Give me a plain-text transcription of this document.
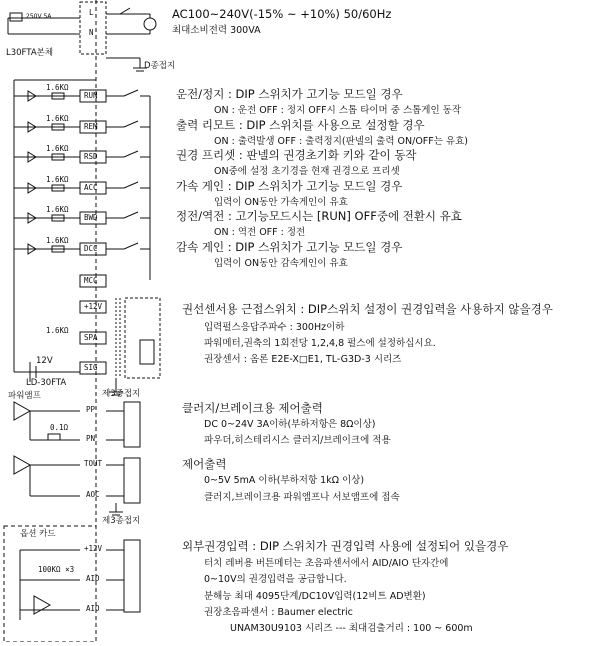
L
N
250V 5A	AC100~240V(-15% ~ +10%) 50/60Hz
최대소비전력 300VA
L30FTA본체
D종접지
RUN
1.6KΩ	운전/정지 : DIP 스위치가 고기능 모드일 경우
ON : 운전 OFF : 정지 OFF시 스톱 타이머 중 스톱게인 동작
REM
1.6KΩ	출력 리모트 : DIP 스위치를 사용으로 설정할 경우
ON : 출력발생 OFF : 출력정지(판넬의 출력 ON/OFF는 유효)
RSD
1.6KΩ	권경 프리셋 : 판넬의 권경초기화 키와 같이 동작
ON중에 설정 초기경을 현재 권경으로 프리셋
ACC
1.6KΩ	가속 게인 : DIP 스위치가 고기능 모드일 경우
입력이 ON동안 가속게인이 유효
BWD
1.6KΩ	정전/역전 : 고기능모드시는 [RUN] OFF중에 전환시 유효
ON : 역전 OFF : 정전
DCC
1.6KΩ	감속 게인 : DIP 스위치가 고기능 모드일 경우
입력이 ON동안 감속게인이 유효
MCC
+12V
SPA
SIG
1.6KΩ
권선센서용 근접스위치 : DIP스위치 설정이 권경입력을 사용하지 않을경우
입력펄스응답주파수 : 300Hz이하
파워메터,권축의 1회전당 1,2,4,8 펄스에 설정하십시요.
권장센서 : 옴론 E2E-X□E1, TL-G3D-3 시리즈
12V
LD-30FTA
제3종접지
파워앰프
PP
PN
0.1Ω
클러지/브레이크용 제어출력
DC 0~24V 3A이하(부하저항은 8Ω이상)
파우더,히스테리시스 클러지/브레이크에 적용
TOUT
AOC
제어출력
0~5V 5mA 이하(부하저항 1kΩ 이상)
클러지,브레이크용 파워앰프나 서보앰프에 접속
제3종접지
옵션 카드
+12V
AID
AIO
100KΩ ×3
외부권경입력 : DIP 스위치가 권경입력 사용에 설정되어 있을경우
터치 레버용 버튼메터는 초음파센서에서 AID/AIO 단자간에
0~10V의 권경입력을 공급합니다.
분해능 최대 4095단계/DC10V입력(12비트 AD변환)
권장초음파센서 : Baumer electric
UNAM30U9103 시리즈 --- 최대검출거리 : 100 ~ 600m
